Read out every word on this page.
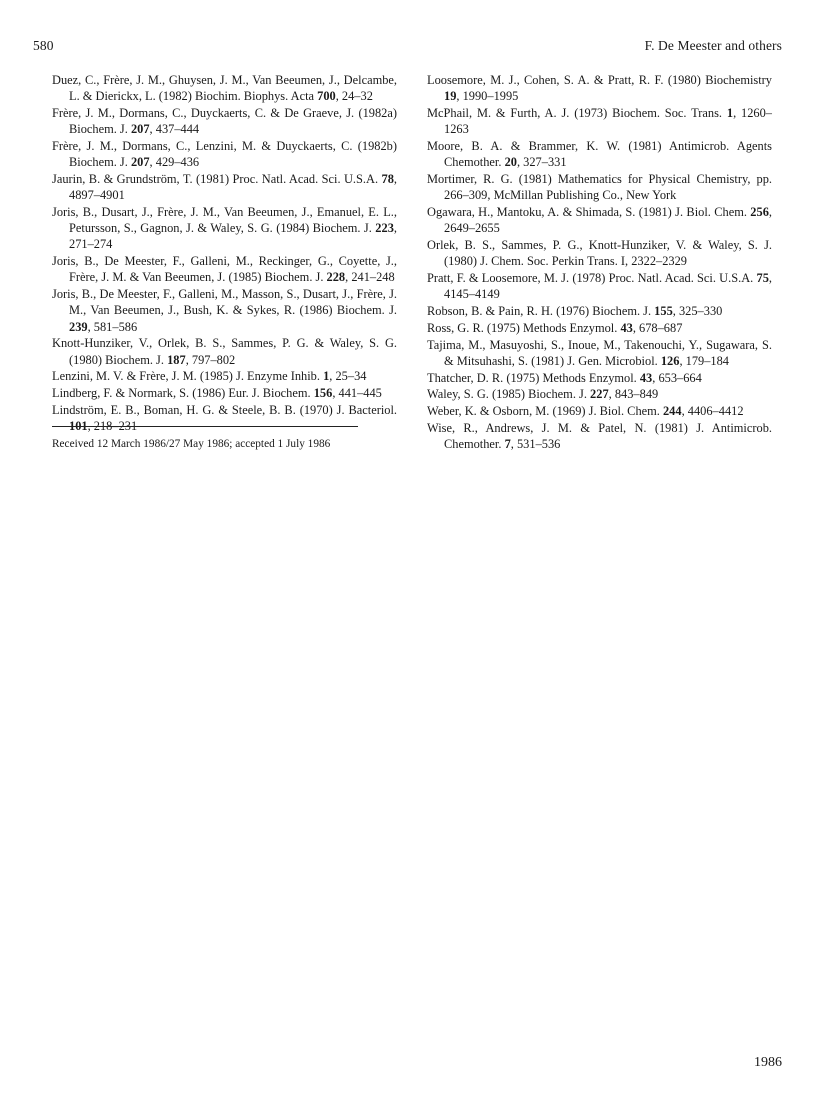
580	F. De Meester and others
Duez, C., Frère, J. M., Ghuysen, J. M., Van Beeumen, J., Delcambe, L. & Dierickx, L. (1982) Biochim. Biophys. Acta 700, 24–32
Frère, J. M., Dormans, C., Duyckaerts, C. & De Graeve, J. (1982a) Biochem. J. 207, 437–444
Frère, J. M., Dormans, C., Lenzini, M. & Duyckaerts, C. (1982b) Biochem. J. 207, 429–436
Jaurin, B. & Grundström, T. (1981) Proc. Natl. Acad. Sci. U.S.A. 78, 4897–4901
Joris, B., Dusart, J., Frère, J. M., Van Beeumen, J., Emanuel, E. L., Petursson, S., Gagnon, J. & Waley, S. G. (1984) Biochem. J. 223, 271–274
Joris, B., De Meester, F., Galleni, M., Reckinger, G., Coyette, J., Frère, J. M. & Van Beeumen, J. (1985) Biochem. J. 228, 241–248
Joris, B., De Meester, F., Galleni, M., Masson, S., Dusart, J., Frère, J. M., Van Beeumen, J., Bush, K. & Sykes, R. (1986) Biochem. J. 239, 581–586
Knott-Hunziker, V., Orlek, B. S., Sammes, P. G. & Waley, S. G. (1980) Biochem. J. 187, 797–802
Lenzini, M. V. & Frère, J. M. (1985) J. Enzyme Inhib. 1, 25–34
Lindberg, F. & Normark, S. (1986) Eur. J. Biochem. 156, 441–445
Lindström, E. B., Boman, H. G. & Steele, B. B. (1970) J. Bacteriol. 101, 218–231
Loosemore, M. J., Cohen, S. A. & Pratt, R. F. (1980) Biochemistry 19, 1990–1995
McPhail, M. & Furth, A. J. (1973) Biochem. Soc. Trans. 1, 1260–1263
Moore, B. A. & Brammer, K. W. (1981) Antimicrob. Agents Chemother. 20, 327–331
Mortimer, R. G. (1981) Mathematics for Physical Chemistry, pp. 266–309, McMillan Publishing Co., New York
Ogawara, H., Mantoku, A. & Shimada, S. (1981) J. Biol. Chem. 256, 2649–2655
Orlek, B. S., Sammes, P. G., Knott-Hunziker, V. & Waley, S. J. (1980) J. Chem. Soc. Perkin Trans. I, 2322–2329
Pratt, F. & Loosemore, M. J. (1978) Proc. Natl. Acad. Sci. U.S.A. 75, 4145–4149
Robson, B. & Pain, R. H. (1976) Biochem. J. 155, 325–330
Ross, G. R. (1975) Methods Enzymol. 43, 678–687
Tajima, M., Masuyoshi, S., Inoue, M., Takenouchi, Y., Sugawara, S. & Mitsuhashi, S. (1981) J. Gen. Microbiol. 126, 179–184
Thatcher, D. R. (1975) Methods Enzymol. 43, 653–664
Waley, S. G. (1985) Biochem. J. 227, 843–849
Weber, K. & Osborn, M. (1969) J. Biol. Chem. 244, 4406–4412
Wise, R., Andrews, J. M. & Patel, N. (1981) J. Antimicrob. Chemother. 7, 531–536
Received 12 March 1986/27 May 1986; accepted 1 July 1986
1986
